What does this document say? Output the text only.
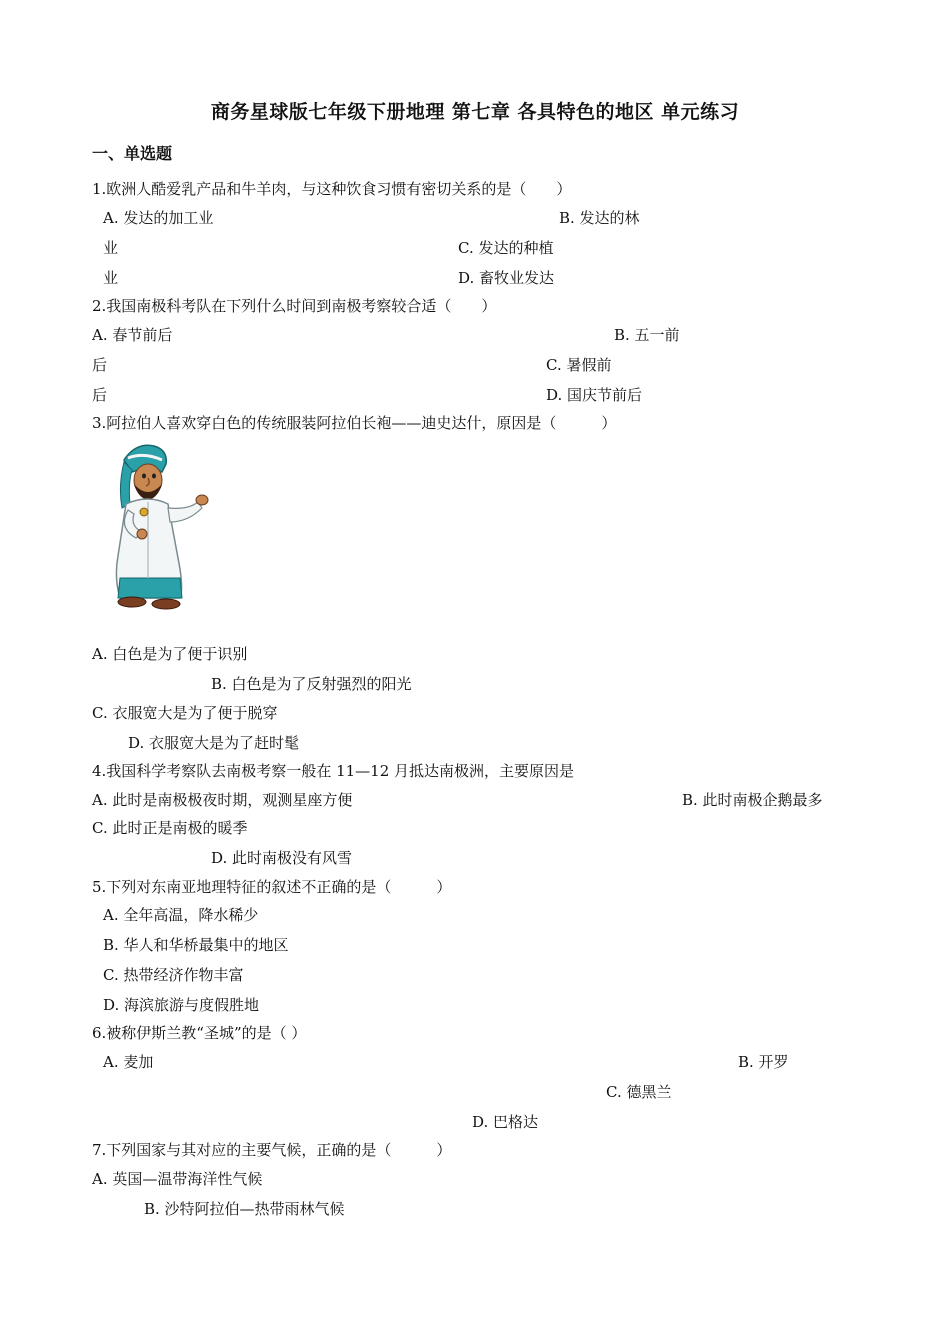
商务星球版七年级下册地理 第七章 各具特色的地区 单元练习
一、单选题
1.欧洲人酷爱乳产品和牛羊肉，与这种饮食习惯有密切关系的是（　　）
A. 发达的加工业	B. 发达的林
业	C. 发达的种植
业	D. 畜牧业发达
2.我国南极科考队在下列什么时间到南极考察较合适（　　）
A. 春节前后	B. 五一前
后	C. 暑假前
后	D. 国庆节前后
3.阿拉伯人喜欢穿白色的传统服装阿拉伯长袍——迪史达什，原因是（　　　）
A. 白色是为了便于识别
B. 白色是为了反射强烈的阳光
C. 衣服宽大是为了便于脱穿
D. 衣服宽大是为了赶时髦
4.我国科学考察队去南极考察一般在 11—12 月抵达南极洲，主要原因是
A. 此时是南极极夜时期，观测星座方便	B. 此时南极企鹅最多
C. 此时正是南极的暖季
D. 此时南极没有风雪
5.下列对东南亚地理特征的叙述不正确的是（　　　）
A. 全年高温，降水稀少
B. 华人和华桥最集中的地区
C. 热带经济作物丰富
D. 海滨旅游与度假胜地
6.被称伊斯兰教“圣城”的是（ ）
A. 麦加	B. 开罗
C. 德黑兰
D. 巴格达
7.下列国家与其对应的主要气候，正确的是（　　　）
A. 英国—温带海洋性气候
B. 沙特阿拉伯—热带雨林气候
